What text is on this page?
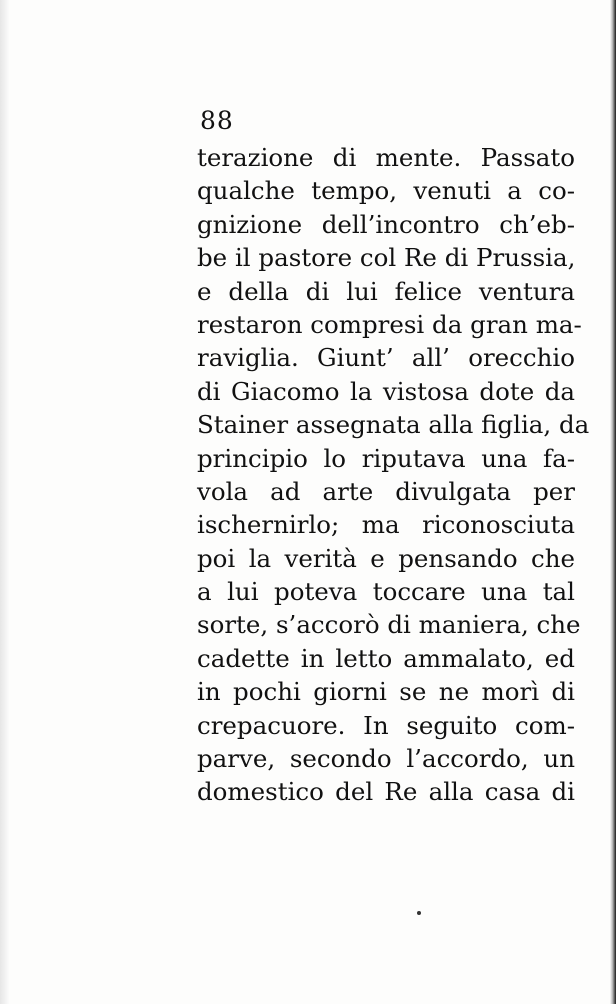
88
terazione di mente. Passato
qualche tempo, venuti a co-
gnizione dell’incontro ch’eb-
be il pastore col Re di Prussia,
e della di lui felice ventura
restaron compresi da gran ma-
raviglia. Giunt’ all’ orecchio
di Giacomo la vistosa dote da
Stainer assegnata alla figlia, da
principio lo riputava una fa-
vola ad arte divulgata per
ischernirlo; ma riconosciuta
poi la verità e pensando che
a lui poteva toccare una tal
sorte, s’accorò di maniera, che
cadette in letto ammalato, ed
in pochi giorni se ne morì di
crepacuore. In seguito com-
parve, secondo l’accordo, un
domestico del Re alla casa di
